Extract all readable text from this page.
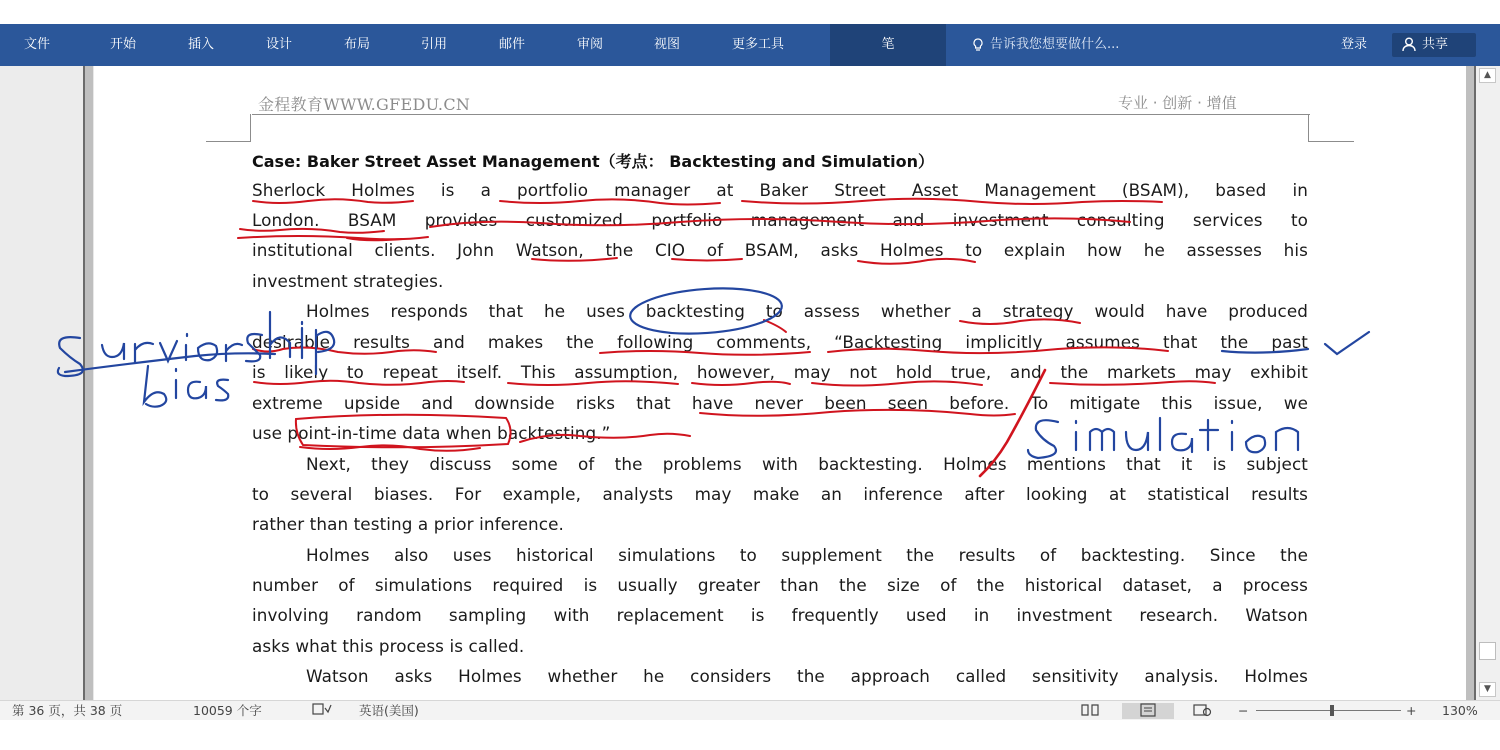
文件	开始	插入	设计	布局	引用	邮件	审阅	视图	更多工具	笔	告诉我您想要做什么...	登录	共享
▲
▼
金程教育WWW.GFEDU.CN	专业 · 创新 · 增值
Case: Baker Street Asset Management（考点： Backtesting and Simulation）
Sherlock Holmes is a portfolio manager at Baker Street Asset Management (BSAM), based in
London. BSAM provides customized portfolio management and investment consulting services to
institutional clients. John Watson, the CIO of BSAM, asks Holmes to explain how he assesses his
investment strategies.
Holmes responds that he uses backtesting to assess whether a strategy would have produced
desirable results and makes the following comments, “Backtesting implicitly assumes that the past
is likely to repeat itself. This assumption, however, may not hold true, and the markets may exhibit
extreme upside and downside risks that have never been seen before. To mitigate this issue, we
use point-in-time data when backtesting.”
Next, they discuss some of the problems with backtesting. Holmes mentions that it is subject
to several biases. For example, analysts may make an inference after looking at statistical results
rather than testing a prior inference.
Holmes also uses historical simulations to supplement the results of backtesting. Since the
number of simulations required is usually greater than the size of the historical dataset, a process
involving random sampling with replacement is frequently used in investment research. Watson
asks what this process is called.
Watson asks Holmes whether he considers the approach called sensitivity analysis. Holmes
第 36 页，共 38 页	10059 个字	英语(美国)	−	+ 130%
